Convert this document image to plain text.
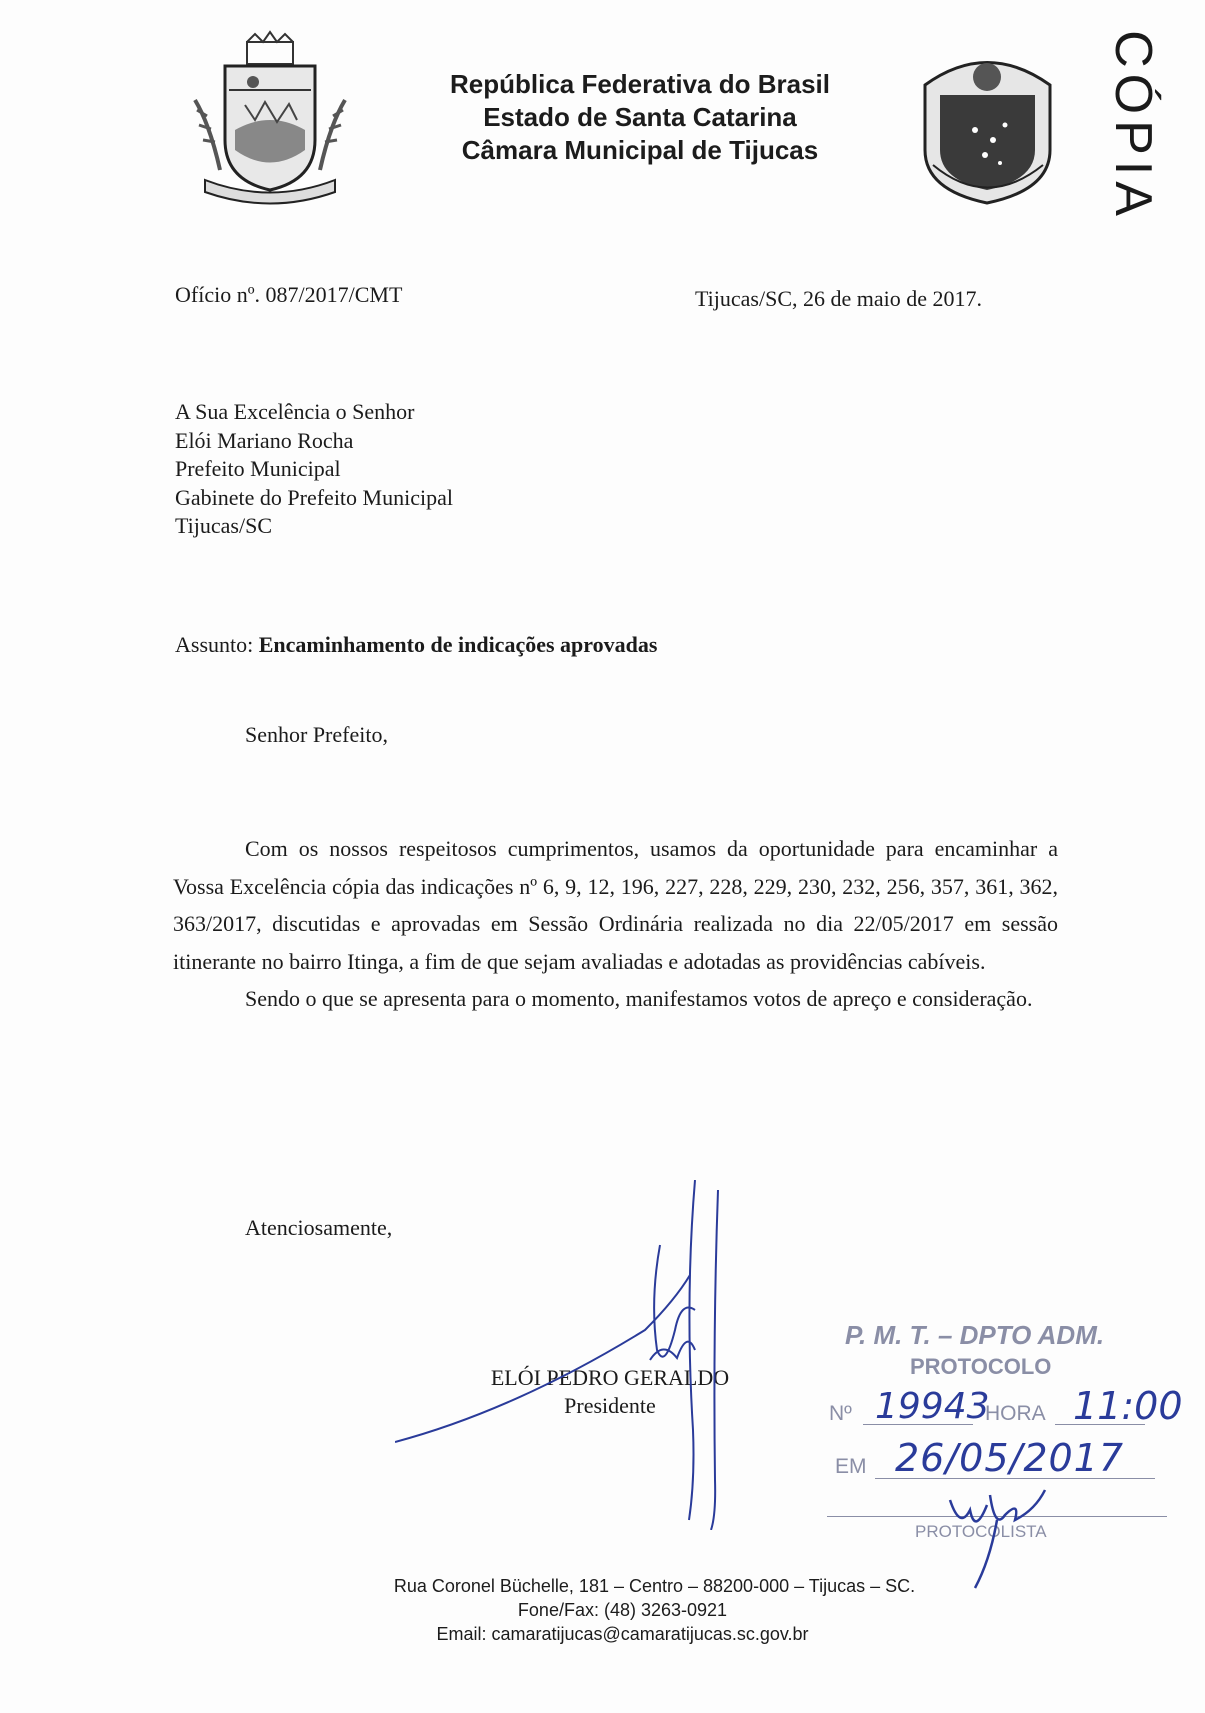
República Federativa do Brasil
Estado de Santa Catarina
Câmara Municipal de Tijucas	CÓPIA
Ofício nº. 087/2017/CMT	Tijucas/SC, 26 de maio de 2017.
A Sua Excelência o Senhor
Elói Mariano Rocha
Prefeito Municipal
Gabinete do Prefeito Municipal
Tijucas/SC
Assunto: Encaminhamento de indicações aprovadas
Senhor Prefeito,

Com os nossos respeitosos cumprimentos, usamos da oportunidade para encaminhar a Vossa Excelência cópia das indicações nº 6, 9, 12, 196, 227, 228, 229, 230, 232, 256, 357, 361, 362, 363/2017, discutidas e aprovadas em Sessão Ordinária realizada no dia 22/05/2017 em sessão itinerante no bairro Itinga, a fim de que sejam avaliadas e adotadas as providências cabíveis.

Sendo o que se apresenta para o momento, manifestamos votos de apreço e consideração.

Atenciosamente,
ELÓI PEDRO GERALDO
Presidente
P. M. T. – DPTO ADM.
PROTOCOLO
Nº 19943
HORA 11:00
EM 26/05/2017
PROTOCOLISTA
Rua Coronel Büchelle, 181 – Centro – 88200-000 – Tijucas – SC.
Fone/Fax: (48) 3263-0921
Email: camaratijucas@camaratijucas.sc.gov.br
